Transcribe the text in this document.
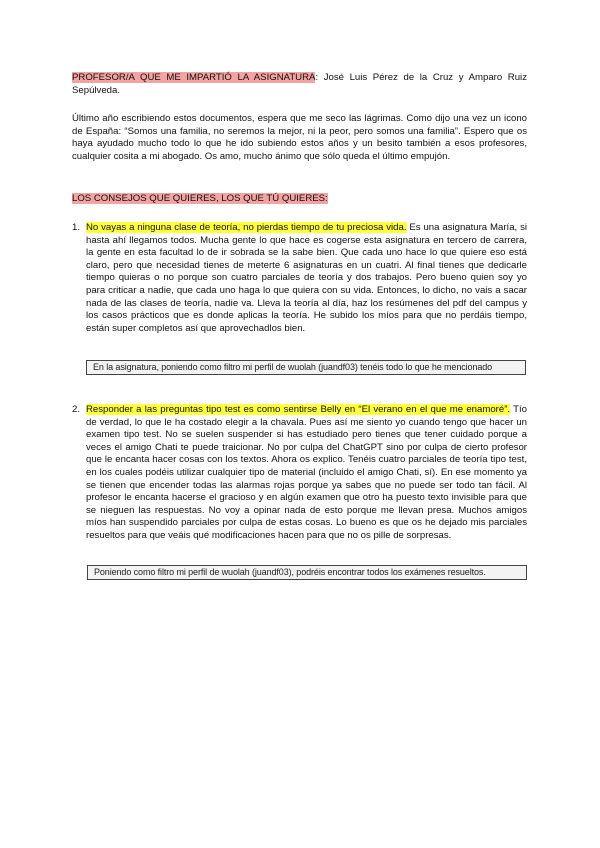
PROFESOR/A QUE ME IMPARTIÓ LA ASIGNATURA: José Luis Pérez de la Cruz y Amparo Ruiz Sepúlveda.
Último año escribiendo estos documentos, espera que me seco las lágrimas. Como dijo una vez un icono de España: “Somos una familia, no seremos la mejor, ni la peor, pero somos una familia”. Espero que os haya ayudado mucho todo lo que he ido subiendo estos años y un besito también a esos profesores, cualquier cosita a mi abogado. Os amo, mucho ánimo que sólo queda el último empujón.
LOS CONSEJOS QUE QUIERES, LOS QUE TÚ QUIERES:
1. No vayas a ninguna clase de teoría, no pierdas tiempo de tu preciosa vida. Es una asignatura María, si hasta ahí llegamos todos. Mucha gente lo que hace es cogerse esta asignatura en tercero de carrera, la gente en esta facultad lo de ir sobrada se la sabe bien. Que cada uno hace lo que quiere eso está claro, pero que necesidad tienes de meterte 6 asignaturas en un cuatri. Al final tienes que dedicarle tiempo quieras o no porque son cuatro parciales de teoría y dos trabajos. Pero bueno quien soy yo para criticar a nadie, que cada uno haga lo que quiera con su vida. Entonces, lo dicho, no vais a sacar nada de las clases de teoría, nadie va. Lleva la teoría al día, haz los resúmenes del pdf del campus y los casos prácticos que es donde aplicas la teoría. He subido los míos para que no perdáis tiempo, están super completos así que aprovechadlos bien.
En la asignatura, poniendo como filtro mi perfil de wuolah (juandf03) tenéis todo lo que he mencionado
2. Responder a las preguntas tipo test es como sentirse Belly en “El verano en el que me enamoré”. Tío de verdad, lo que le ha costado elegir a la chavala. Pues así me siento yo cuando tengo que hacer un examen tipo test. No se suelen suspender si has estudiado pero tienes que tener cuidado porque a veces el amigo Chati te puede traicionar. No por culpa del ChatGPT sino por culpa de cierto profesor que le encanta hacer cosas con los textos. Ahora os explico. Tenéis cuatro parciales de teoría tipo test, en los cuales podéis utilizar cualquier tipo de material (incluido el amigo Chati, sí). En ese momento ya se tienen que encender todas las alarmas rojas porque ya sabes que no puede ser todo tan fácil. Al profesor le encanta hacerse el gracioso y en algún examen que otro ha puesto texto invisible para que se nieguen las respuestas. No voy a opinar nada de esto porque me llevan presa. Muchos amigos míos han suspendido parciales por culpa de estas cosas. Lo bueno es que os he dejado mis parciales resueltos para que veáis qué modificaciones hacen para que no os pille de sorpresas.
Poniendo como filtro mi perfil de wuolah (juandf03), podréis encontrar todos los exámenes resueltos.
